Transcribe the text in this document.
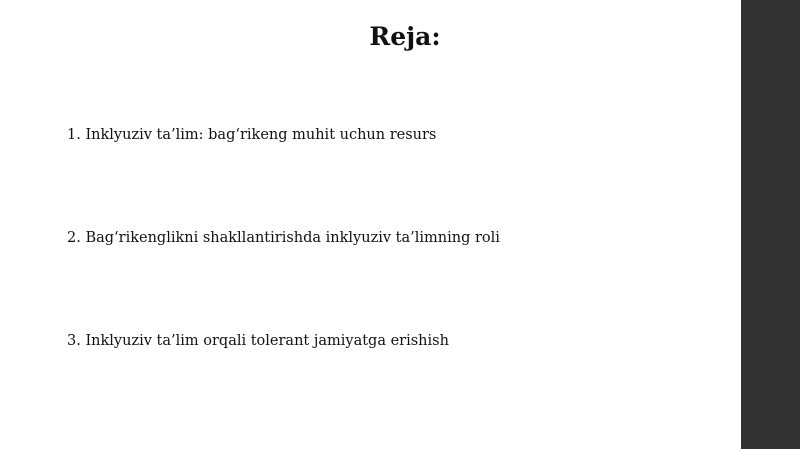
Reja:
1. Inklyuziv ta’lim: bag‘rikeng muhit uchun resurs
2. Bag‘rikenglikni shakllantirishda inklyuziv ta’limning roli
3. Inklyuziv ta’lim orqali tolerant jamiyatga erishish
